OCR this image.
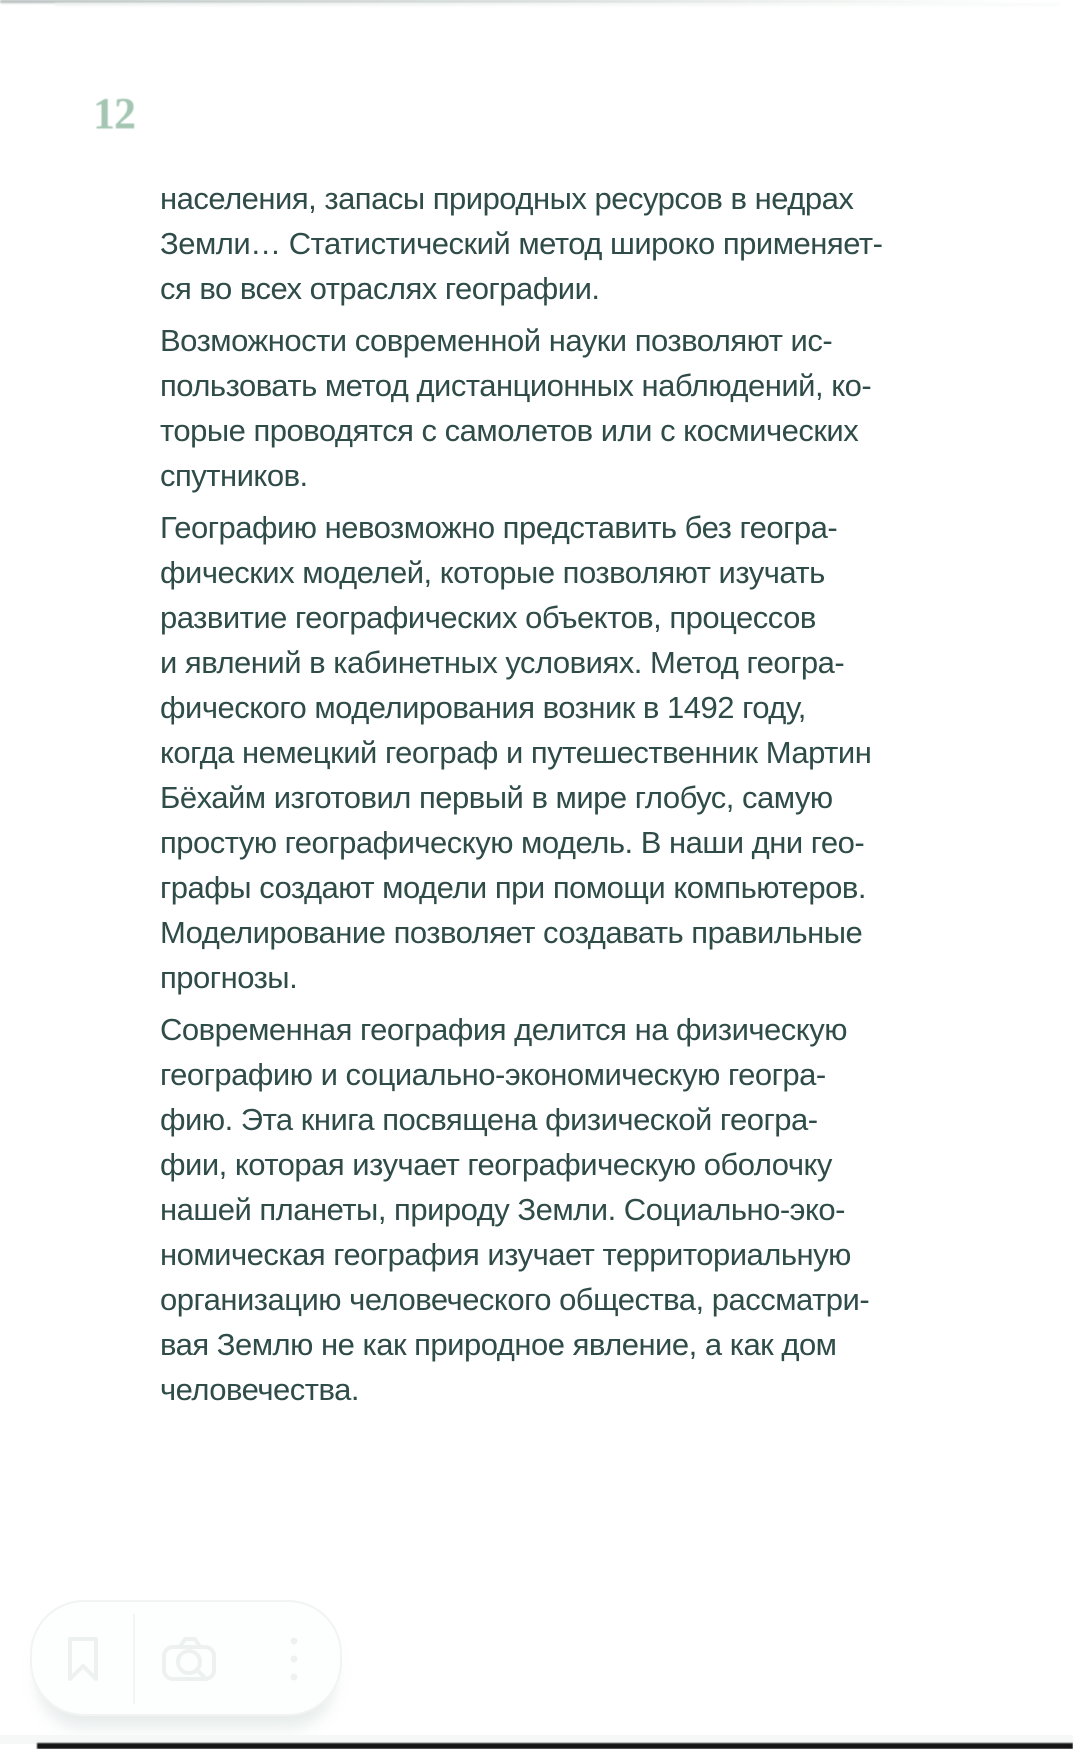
12
населения, запасы природных ресурсов в недрах
Земли… Статистический метод широко применяет-
ся во всех отраслях географии.
Возможности современной науки позволяют ис-
пользовать метод дистанционных наблюдений, ко-
торые проводятся с самолетов или с космических
спутников.
Географию невозможно представить без геогра-
фических моделей, которые позволяют изучать
развитие географических объектов, процессов
и явлений в кабинетных условиях. Метод геогра-
фического моделирования возник в 1492 году,
когда немецкий географ и путешественник Мартин
Бёхайм изготовил первый в мире глобус, самую
простую географическую модель. В наши дни гео-
графы создают модели при помощи компьютеров.
Моделирование позволяет создавать правильные
прогнозы.
Современная география делится на физическую
географию и социально-экономическую геогра-
фию. Эта книга посвящена физической геогра-
фии, которая изучает географическую оболочку
нашей планеты, природу Земли. Социально-эко-
номическая география изучает территориальную
организацию человеческого общества, рассматри-
вая Землю не как природное явление, а как дом
человечества.
